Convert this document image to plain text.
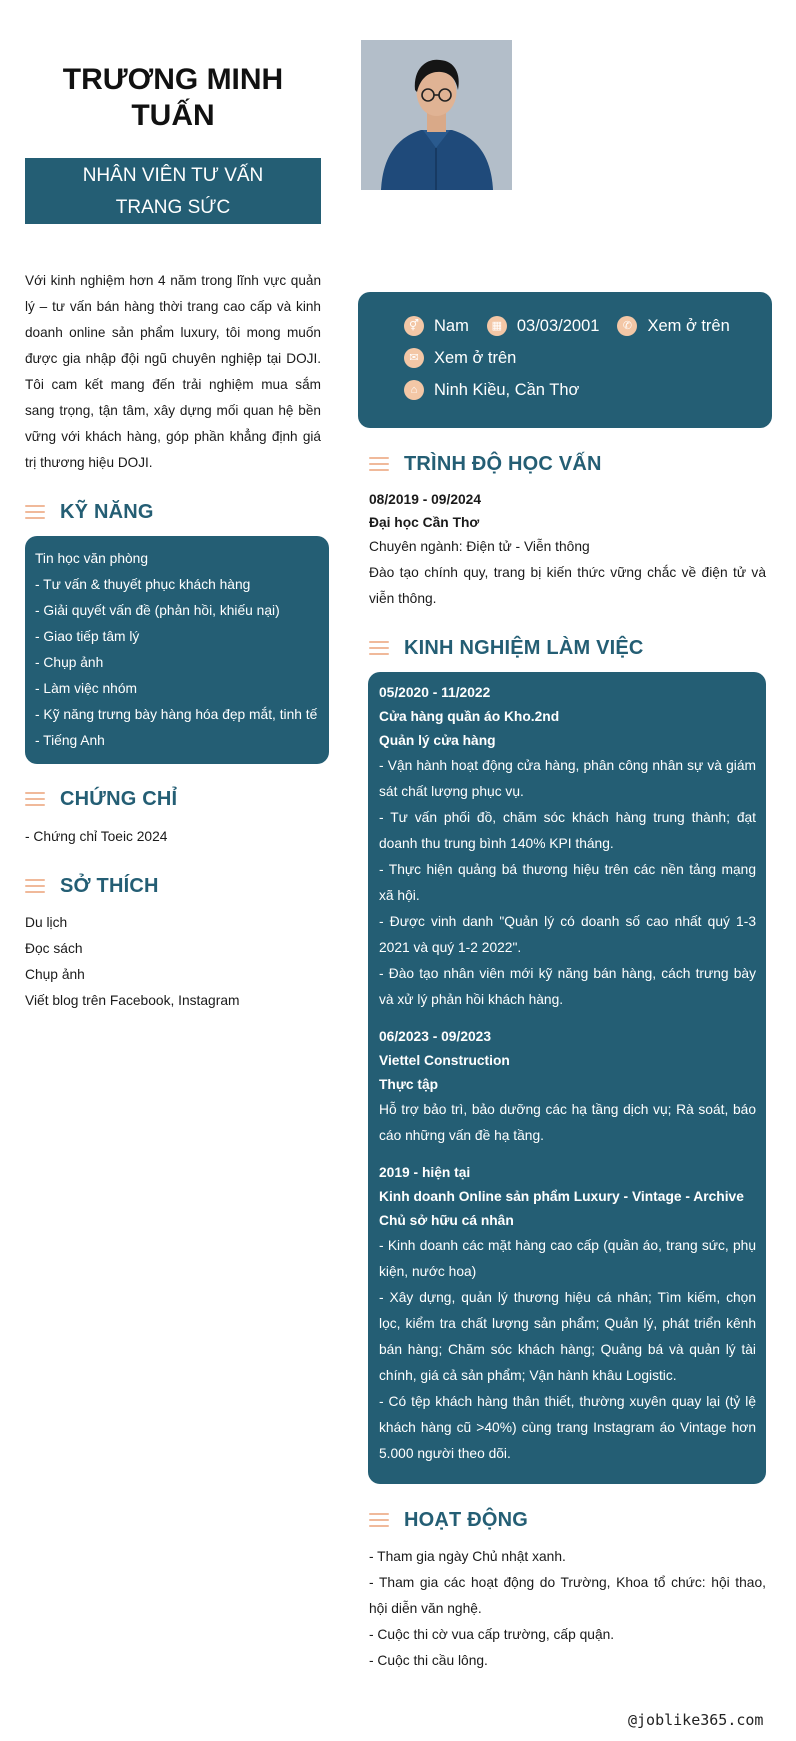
TRƯƠNG MINH TUẤN
NHÂN VIÊN TƯ VẤN
TRANG SỨC
Với kinh nghiệm hơn 4 năm trong lĩnh vực quản lý – tư vấn bán hàng thời trang cao cấp và kinh doanh online sản phẩm luxury, tôi mong muốn được gia nhập đội ngũ chuyên nghiệp tại DOJI. Tôi cam kết mang đến trải nghiệm mua sắm sang trọng, tận tâm, xây dựng mối quan hệ bền vững với khách hàng, góp phần khẳng định giá trị thương hiệu DOJI.
KỸ NĂNG
Tin học văn phòng
- Tư vấn & thuyết phục khách hàng
- Giải quyết vấn đề (phản hồi, khiếu nại)
- Giao tiếp tâm lý
- Chụp ảnh
- Làm việc nhóm
- Kỹ năng trưng bày hàng hóa đẹp mắt, tinh tế
- Tiếng Anh
CHỨNG CHỈ
- Chứng chỉ Toeic 2024
SỞ THÍCH
Du lịch
Đọc sách
Chụp ảnh
Viết blog trên Facebook, Instagram
⚥ Nam	▦ 03/03/2001	✆ Xem ở trên
✉ Xem ở trên
⌂	Ninh Kiều, Cần Thơ
TRÌNH ĐỘ HỌC VẤN
08/2019 - 09/2024
Đại học Cần Thơ
Chuyên ngành: Điện tử - Viễn thông
Đào tạo chính quy, trang bị kiến thức vững chắc về điện tử và viễn thông.
KINH NGHIỆM LÀM VIỆC
05/2020 - 11/2022
Cửa hàng quần áo Kho.2nd
Quản lý cửa hàng
- Vận hành hoạt động cửa hàng, phân công nhân sự và giám sát chất lượng phục vụ.
- Tư vấn phối đồ, chăm sóc khách hàng trung thành; đạt doanh thu trung bình 140% KPI tháng.
- Thực hiện quảng bá thương hiệu trên các nền tảng mạng xã hội.
- Được vinh danh "Quản lý có doanh số cao nhất quý 1-3 2021 và quý 1-2 2022".
- Đào tạo nhân viên mới kỹ năng bán hàng, cách trưng bày và xử lý phản hồi khách hàng.
06/2023 - 09/2023
Viettel Construction
Thực tập
Hỗ trợ bảo trì, bảo dưỡng các hạ tầng dịch vụ; Rà soát, báo cáo những vấn đề hạ tầng.
2019 - hiện tại
Kinh doanh Online sản phẩm Luxury - Vintage - Archive
Chủ sở hữu cá nhân
- Kinh doanh các mặt hàng cao cấp (quần áo, trang sức, phụ kiện, nước hoa)
- Xây dựng, quản lý thương hiệu cá nhân; Tìm kiếm, chọn lọc, kiểm tra chất lượng sản phẩm; Quản lý, phát triển kênh bán hàng; Chăm sóc khách hàng; Quảng bá và quản lý tài chính, giá cả sản phẩm; Vận hành khâu Logistic.
- Có tệp khách hàng thân thiết, thường xuyên quay lại (tỷ lệ khách hàng cũ >40%) cùng trang Instagram áo Vintage hơn 5.000 người theo dõi.
HOẠT ĐỘNG
- Tham gia ngày Chủ nhật xanh.
- Tham gia các hoạt động do Trường, Khoa tổ chức: hội thao, hội diễn văn nghệ.
- Cuộc thi cờ vua cấp trường, cấp quận.
- Cuộc thi cầu lông.
@joblike365.com
